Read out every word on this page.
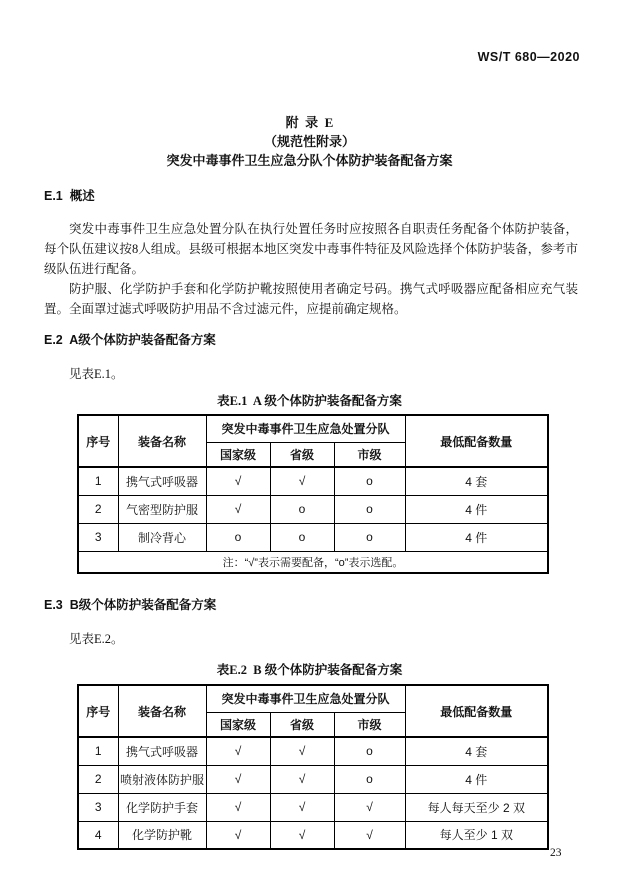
WS/T 680—2020
附  录  E
（规范性附录）
突发中毒事件卫生应急分队个体防护装备配备方案
E.1  概述

突发中毒事件卫生应急处置分队在执行处置任务时应按照各自职责任务配备个体防护装备，每个队伍建议按8人组成。县级可根据本地区突发中毒事件特征及风险选择个体防护装备，参考市级队伍进行配备。

防护服、化学防护手套和化学防护靴按照使用者确定号码。携气式呼吸器应配备相应充气装置。全面罩过滤式呼吸防护用品不含过滤元件，应提前确定规格。

E.2  A级个体防护装备配备方案

见表E.1。

表E.1  A 级个体防护装备配备方案
序号	装备名称	突发中毒事件卫生应急处置分队			最低配备数量
		国家级	省级	市级	
1	携气式呼吸器	√	√	o	4 套
2	气密型防护服	√	o	o	4 件
3	制冷背心	o	o	o	4 件
注：“√”表示需要配备，“o”表示选配。					
E.3  B级个体防护装备配备方案

见表E.2。

表E.2  B 级个体防护装备配备方案
序号	装备名称	突发中毒事件卫生应急处置分队			最低配备数量
		国家级	省级	市级	
1	携气式呼吸器	√	√	o	4 套
2	喷射液体防护服	√	√	o	4 件
3	化学防护手套	√	√	√	每人每天至少 2 双
4	化学防护靴	√	√	√	每人至少 1 双
23
